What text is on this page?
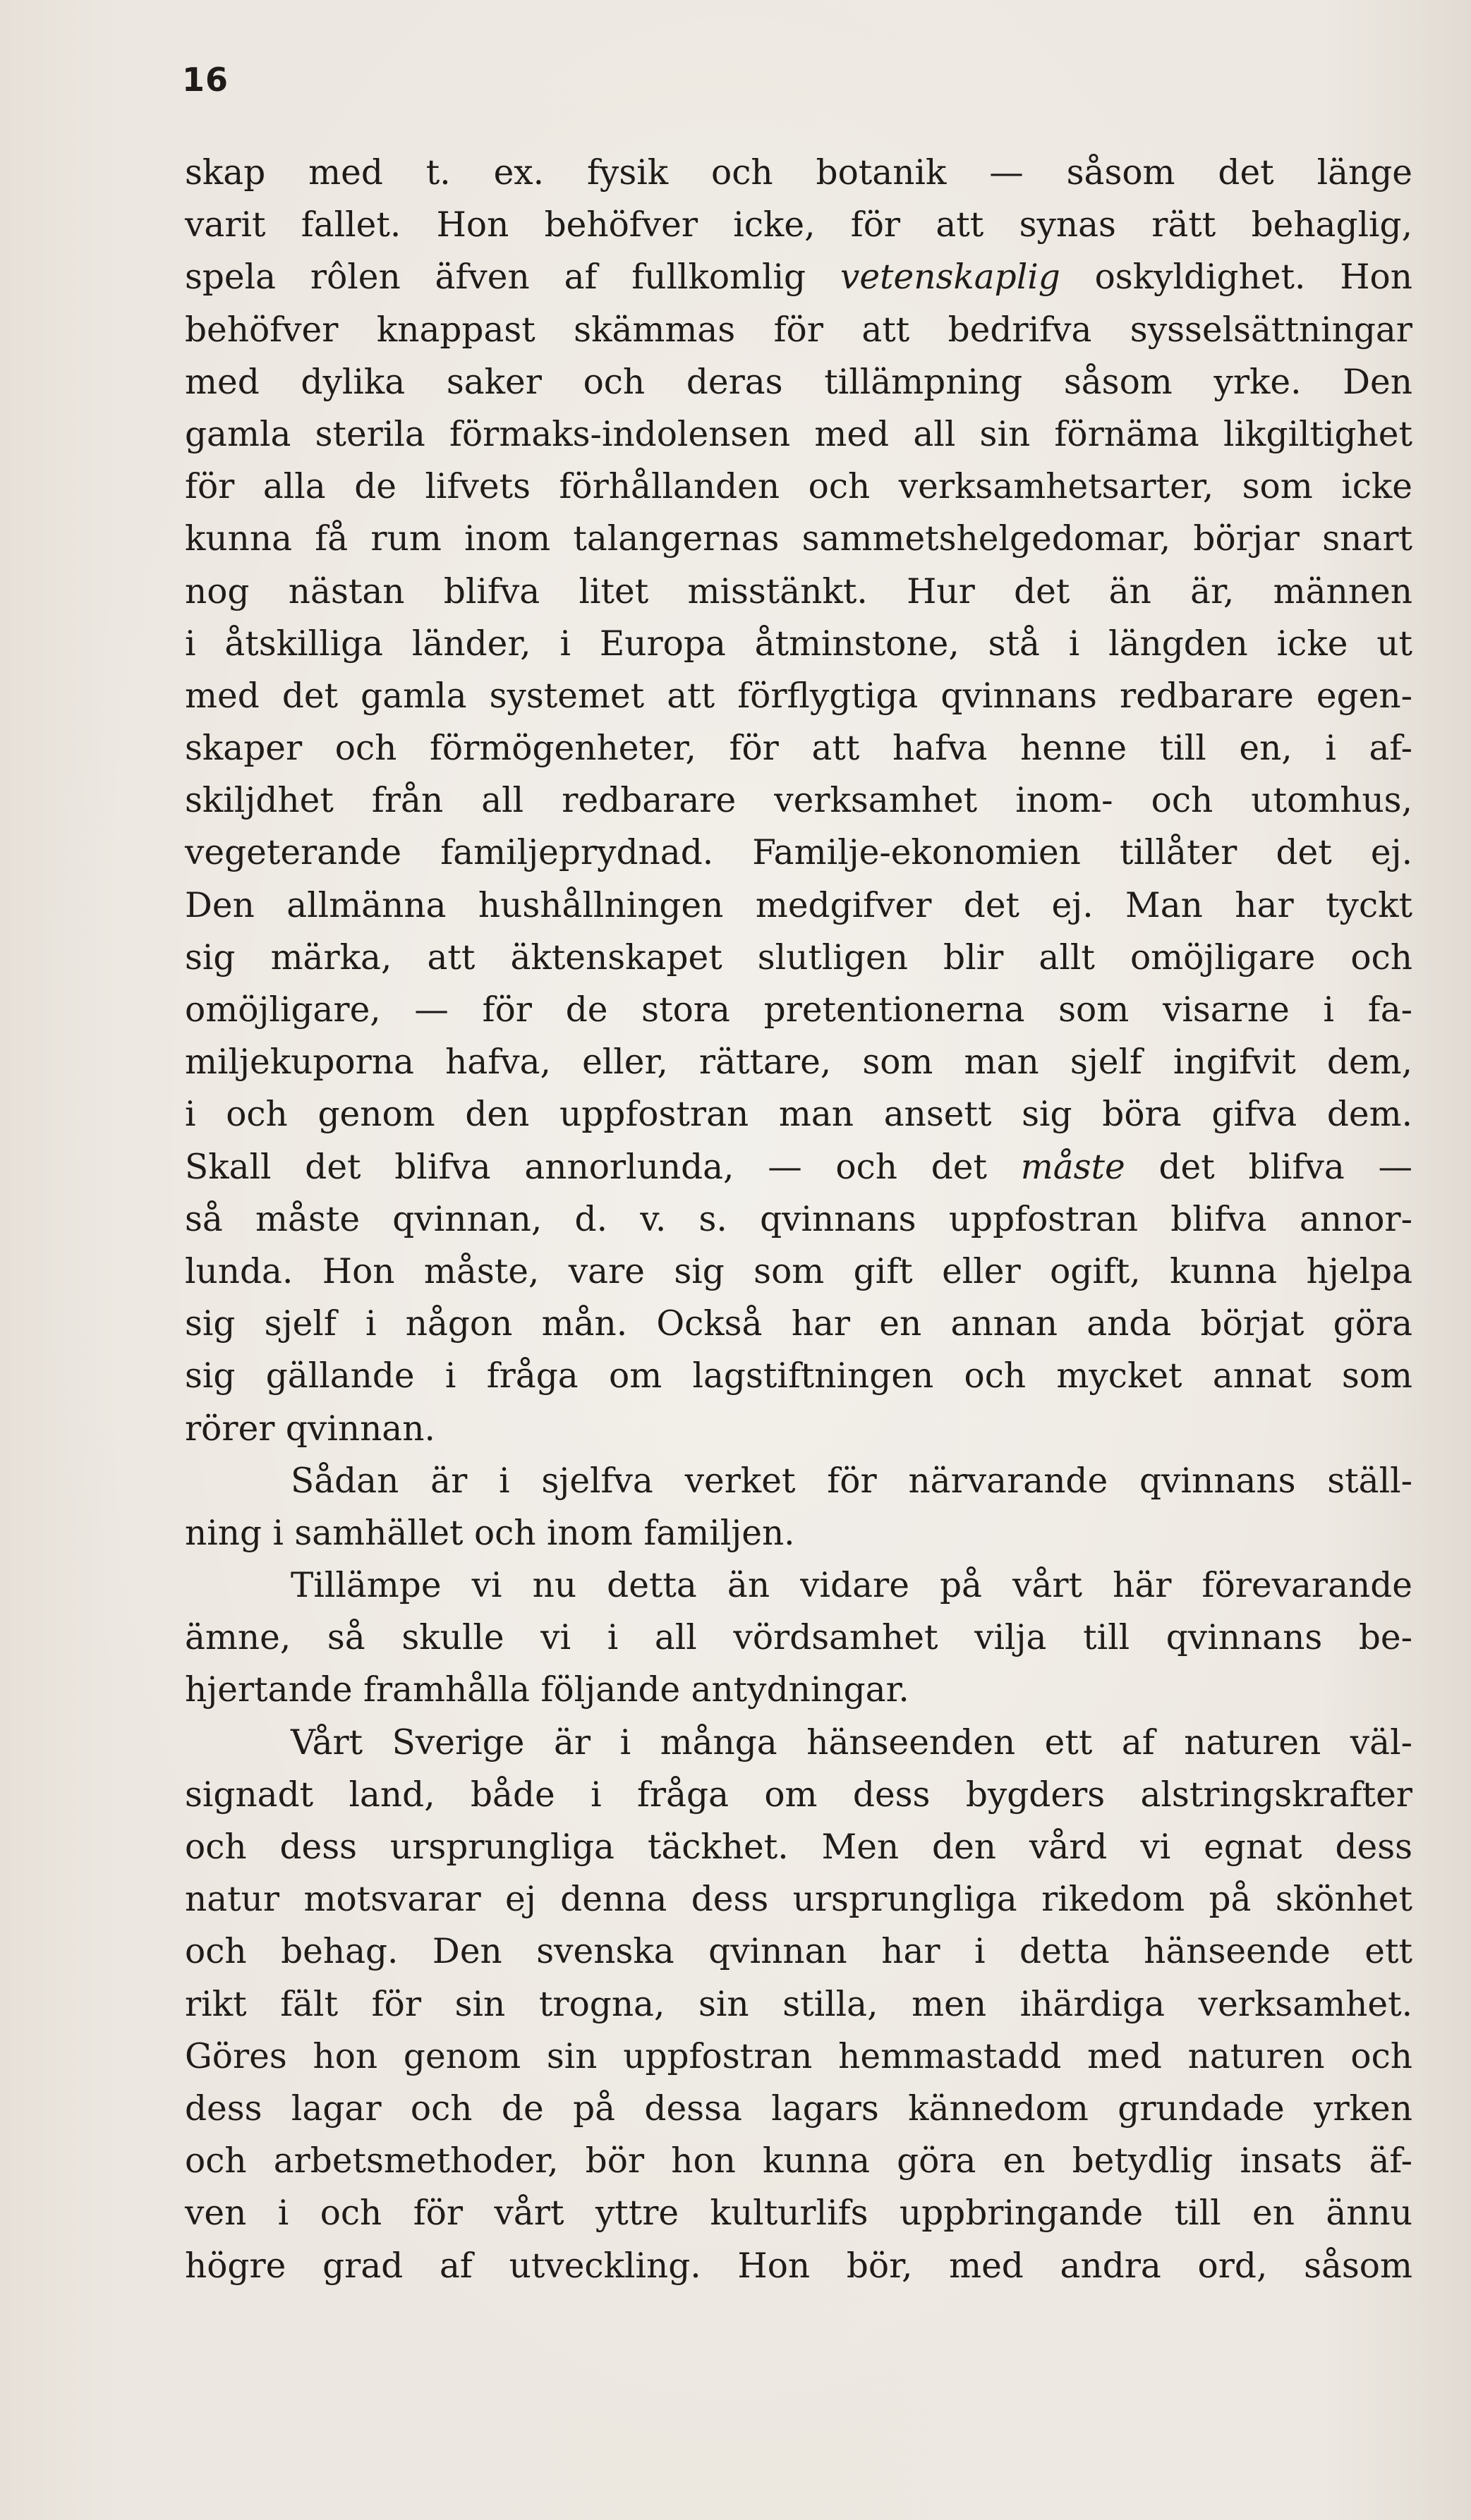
16
skap med t. ex. fysik och botanik — såsom det länge
varit fallet. Hon behöfver icke, för att synas rätt behaglig,
spela rôlen äfven af fullkomlig vetenskaplig oskyldighet. Hon
behöfver knappast skämmas för att bedrifva sysselsättningar
med dylika saker och deras tillämpning såsom yrke. Den
gamla sterila förmaks-indolensen med all sin förnäma likgiltighet
för alla de lifvets förhållanden och verksamhetsarter, som icke
kunna få rum inom talangernas sammetshelgedomar, börjar snart
nog nästan blifva litet misstänkt. Hur det än är, männen
i åtskilliga länder, i Europa åtminstone, stå i längden icke ut
med det gamla systemet att förflygtiga qvinnans redbarare egen-
skaper och förmögenheter, för att hafva henne till en, i af-
skiljdhet från all redbarare verksamhet inom- och utomhus,
vegeterande familjeprydnad. Familje-ekonomien tillåter det ej.
Den allmänna hushållningen medgifver det ej. Man har tyckt
sig märka, att äktenskapet slutligen blir allt omöjligare och
omöjligare, — för de stora pretentionerna som visarne i fa-
miljekuporna hafva, eller, rättare, som man sjelf ingifvit dem,
i och genom den uppfostran man ansett sig böra gifva dem.
Skall det blifva annorlunda, — och det måste det blifva —
så måste qvinnan, d. v. s. qvinnans uppfostran blifva annor-
lunda. Hon måste, vare sig som gift eller ogift, kunna hjelpa
sig sjelf i någon mån. Också har en annan anda börjat göra
sig gällande i fråga om lagstiftningen och mycket annat som
rörer qvinnan.
Sådan är i sjelfva verket för närvarande qvinnans ställ-
ning i samhället och inom familjen.
Tillämpe vi nu detta än vidare på vårt här förevarande
ämne, så skulle vi i all vördsamhet vilja till qvinnans be-
hjertande framhålla följande antydningar.
Vårt Sverige är i många hänseenden ett af naturen väl-
signadt land, både i fråga om dess bygders alstringskrafter
och dess ursprungliga täckhet. Men den vård vi egnat dess
natur motsvarar ej denna dess ursprungliga rikedom på skönhet
och behag. Den svenska qvinnan har i detta hänseende ett
rikt fält för sin trogna, sin stilla, men ihärdiga verksamhet.
Göres hon genom sin uppfostran hemmastadd med naturen och
dess lagar och de på dessa lagars kännedom grundade yrken
och arbetsmethoder, bör hon kunna göra en betydlig insats äf-
ven i och för vårt yttre kulturlifs uppbringande till en ännu
högre grad af utveckling. Hon bör, med andra ord, såsom
